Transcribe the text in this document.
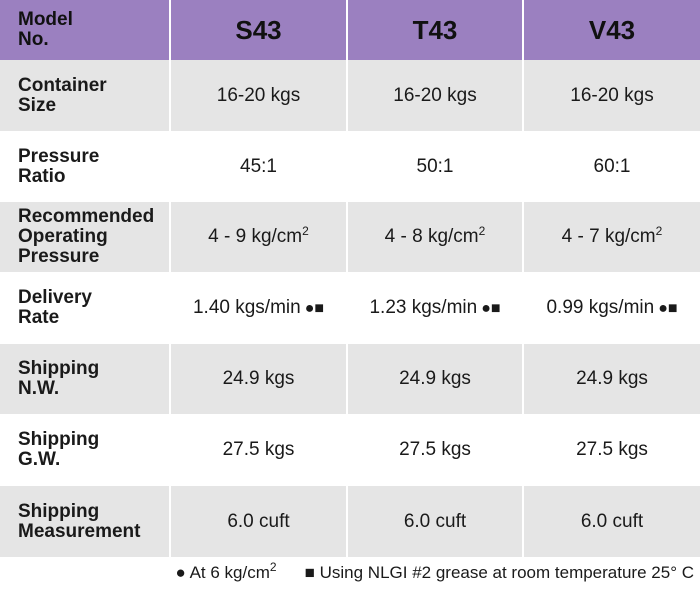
Model
No.	S43	T43	V43
Container
Size	16-20 kgs	16-20 kgs	16-20 kgs
Pressure
Ratio	45:1	50:1	60:1
Recommended
Operating
Pressure	4 - 9 $kg/cm^2$	4 - 8 $kg/cm^2$	4 - 7 $kg/cm^2$
Delivery
Rate	1.40 kgs/min ●■	1.23 kgs/min ●■	0.99 kgs/min ●■
Shipping
N.W.	24.9 kgs	24.9 kgs	24.9 kgs
Shipping
G.W.	27.5 kgs	27.5 kgs	27.5 kgs
Shipping
Measurement	6.0 cuft	6.0 cuft	6.0 cuft
● At 6 $kg/cm^2$ ■ Using NLGI #2 grease at room temperature 25° C
